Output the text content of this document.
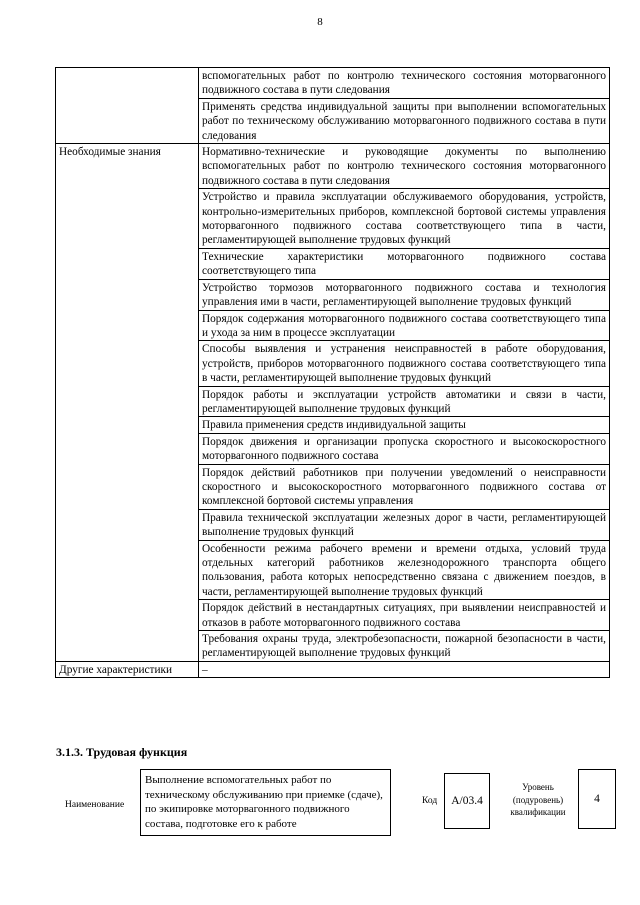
8
	вспомогательных работ по контролю технического состояния моторвагонного подвижного состава в пути следования
	Применять средства индивидуальной защиты при выполнении вспомогательных работ по техническому обслуживанию моторвагонного подвижного состава в пути следования
Необходимые знания	Нормативно-технические и руководящие документы по выполнению вспомогательных работ по контролю технического состояния моторвагонного подвижного состава в пути следования
	Устройство и правила эксплуатации обслуживаемого оборудования, устройств, контрольно-измерительных приборов, комплексной бортовой системы управления моторвагонного подвижного состава соответствующего типа в части, регламентирующей выполнение трудовых функций
	Технические характеристики моторвагонного подвижного состава соответствующего типа
	Устройство тормозов моторвагонного подвижного состава и технология управления ими в части, регламентирующей выполнение трудовых функций
	Порядок содержания моторвагонного подвижного состава соответствующего типа и ухода за ним в процессе эксплуатации
	Способы выявления и устранения неисправностей в работе оборудования, устройств, приборов моторвагонного подвижного состава соответствующего типа в части, регламентирующей выполнение трудовых функций
	Порядок работы и эксплуатации устройств автоматики и связи в части, регламентирующей выполнение трудовых функций
	Правила применения средств индивидуальной защиты
	Порядок движения и организации пропуска скоростного и высокоскоростного моторвагонного подвижного состава
	Порядок действий работников при получении уведомлений о неисправности скоростного и высокоскоростного моторвагонного подвижного состава от комплексной бортовой системы управления
	Правила технической эксплуатации железных дорог в части, регламентирующей выполнение трудовых функций
	Особенности режима рабочего времени и времени отдыха, условий труда отдельных категорий работников железнодорожного транспорта общего пользования, работа которых непосредственно связана с движением поездов, в части, регламентирующей выполнение трудовых функций
	Порядок действий в нестандартных ситуациях, при выявлении неисправностей и отказов в работе моторвагонного подвижного состава
	Требования охраны труда, электробезопасности, пожарной безопасности в части, регламентирующей выполнение трудовых функций
Другие характеристики	–
3.1.3. Трудовая функция
Наименование
Выполнение вспомогательных работ по техническому обслуживанию при приемке (сдаче), по экипировке моторвагонного подвижного состава, подготовке его к работе
Код	A/03.4
Уровень (подуровень) квалификации
4
